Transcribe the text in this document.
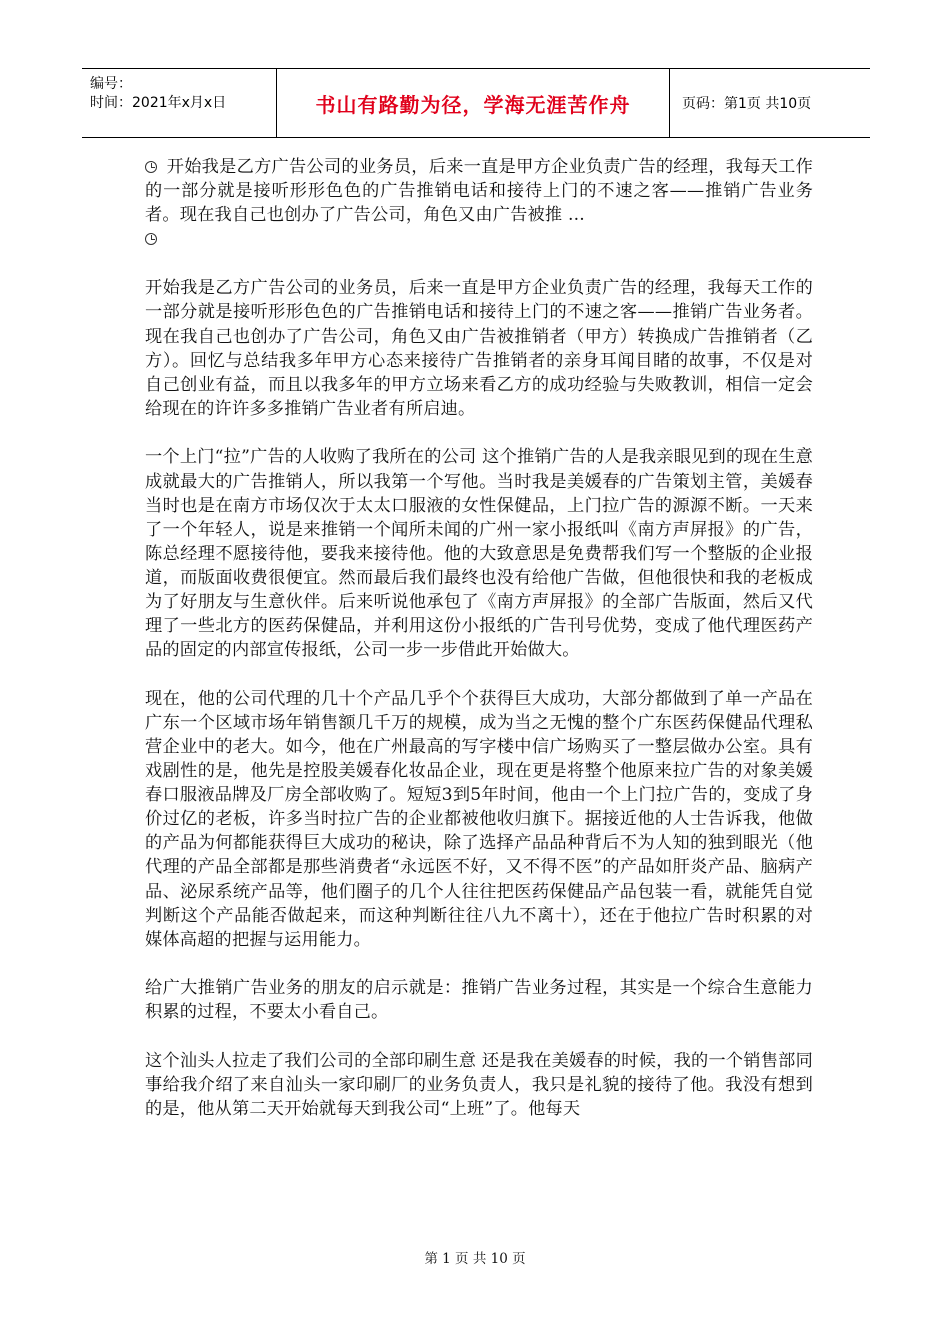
编号：
时间：2021年x月x日	书山有路勤为径，学海无涯苦作舟	页码：第1页 共10页
开始我是乙方广告公司的业务员，后来一直是甲方企业负责广告的经理，我每天工作的一部分就是接听形形色色的广告推销电话和接待上门的不速之客——推销广告业务者。现在我自己也创办了广告公司，角色又由广告被推 ...

开始我是乙方广告公司的业务员，后来一直是甲方企业负责广告的经理，我每天工作的一部分就是接听形形色色的广告推销电话和接待上门的不速之客——推销广告业务者。现在我自己也创办了广告公司，角色又由广告被推销者（甲方）转换成广告推销者（乙方）。回忆与总结我多年甲方心态来接待广告推销者的亲身耳闻目睹的故事，不仅是对自己创业有益，而且以我多年的甲方立场来看乙方的成功经验与失败教训，相信一定会给现在的许许多多推销广告业者有所启迪。

一个上门“拉”广告的人收购了我所在的公司 这个推销广告的人是我亲眼见到的现在生意成就最大的广告推销人，所以我第一个写他。当时我是美媛春的广告策划主管，美媛春当时也是在南方市场仅次于太太口服液的女性保健品，上门拉广告的源源不断。一天来了一个年轻人，说是来推销一个闻所未闻的广州一家小报纸叫《南方声屏报》的广告，陈总经理不愿接待他，要我来接待他。他的大致意思是免费帮我们写一个整版的企业报道，而版面收费很便宜。然而最后我们最终也没有给他广告做，但他很快和我的老板成为了好朋友与生意伙伴。后来听说他承包了《南方声屏报》的全部广告版面，然后又代理了一些北方的医药保健品，并利用这份小报纸的广告刊号优势，变成了他代理医药产品的固定的内部宣传报纸，公司一步一步借此开始做大。

现在，他的公司代理的几十个产品几乎个个获得巨大成功，大部分都做到了单一产品在广东一个区域市场年销售额几千万的规模，成为当之无愧的整个广东医药保健品代理私营企业中的老大。如今，他在广州最高的写字楼中信广场购买了一整层做办公室。具有戏剧性的是，他先是控股美媛春化妆品企业，现在更是将整个他原来拉广告的对象美媛春口服液品牌及厂房全部收购了。短短3到5年时间，他由一个上门拉广告的，变成了身价过亿的老板，许多当时拉广告的企业都被他收归旗下。据接近他的人士告诉我，他做的产品为何都能获得巨大成功的秘诀，除了选择产品品种背后不为人知的独到眼光（他代理的产品全部都是那些消费者“永远医不好，又不得不医”的产品如肝炎产品、脑病产品、泌尿系统产品等，他们圈子的几个人往往把医药保健品产品包装一看，就能凭自觉判断这个产品能否做起来，而这种判断往往八九不离十），还在于他拉广告时积累的对媒体高超的把握与运用能力。

给广大推销广告业务的朋友的启示就是：推销广告业务过程，其实是一个综合生意能力积累的过程，不要太小看自己。

这个汕头人拉走了我们公司的全部印刷生意 还是我在美媛春的时候，我的一个销售部同事给我介绍了来自汕头一家印刷厂的业务负责人，我只是礼貌的接待了他。我没有想到的是，他从第二天开始就每天到我公司“上班”了。他每天

第 1 页 共 10 页
